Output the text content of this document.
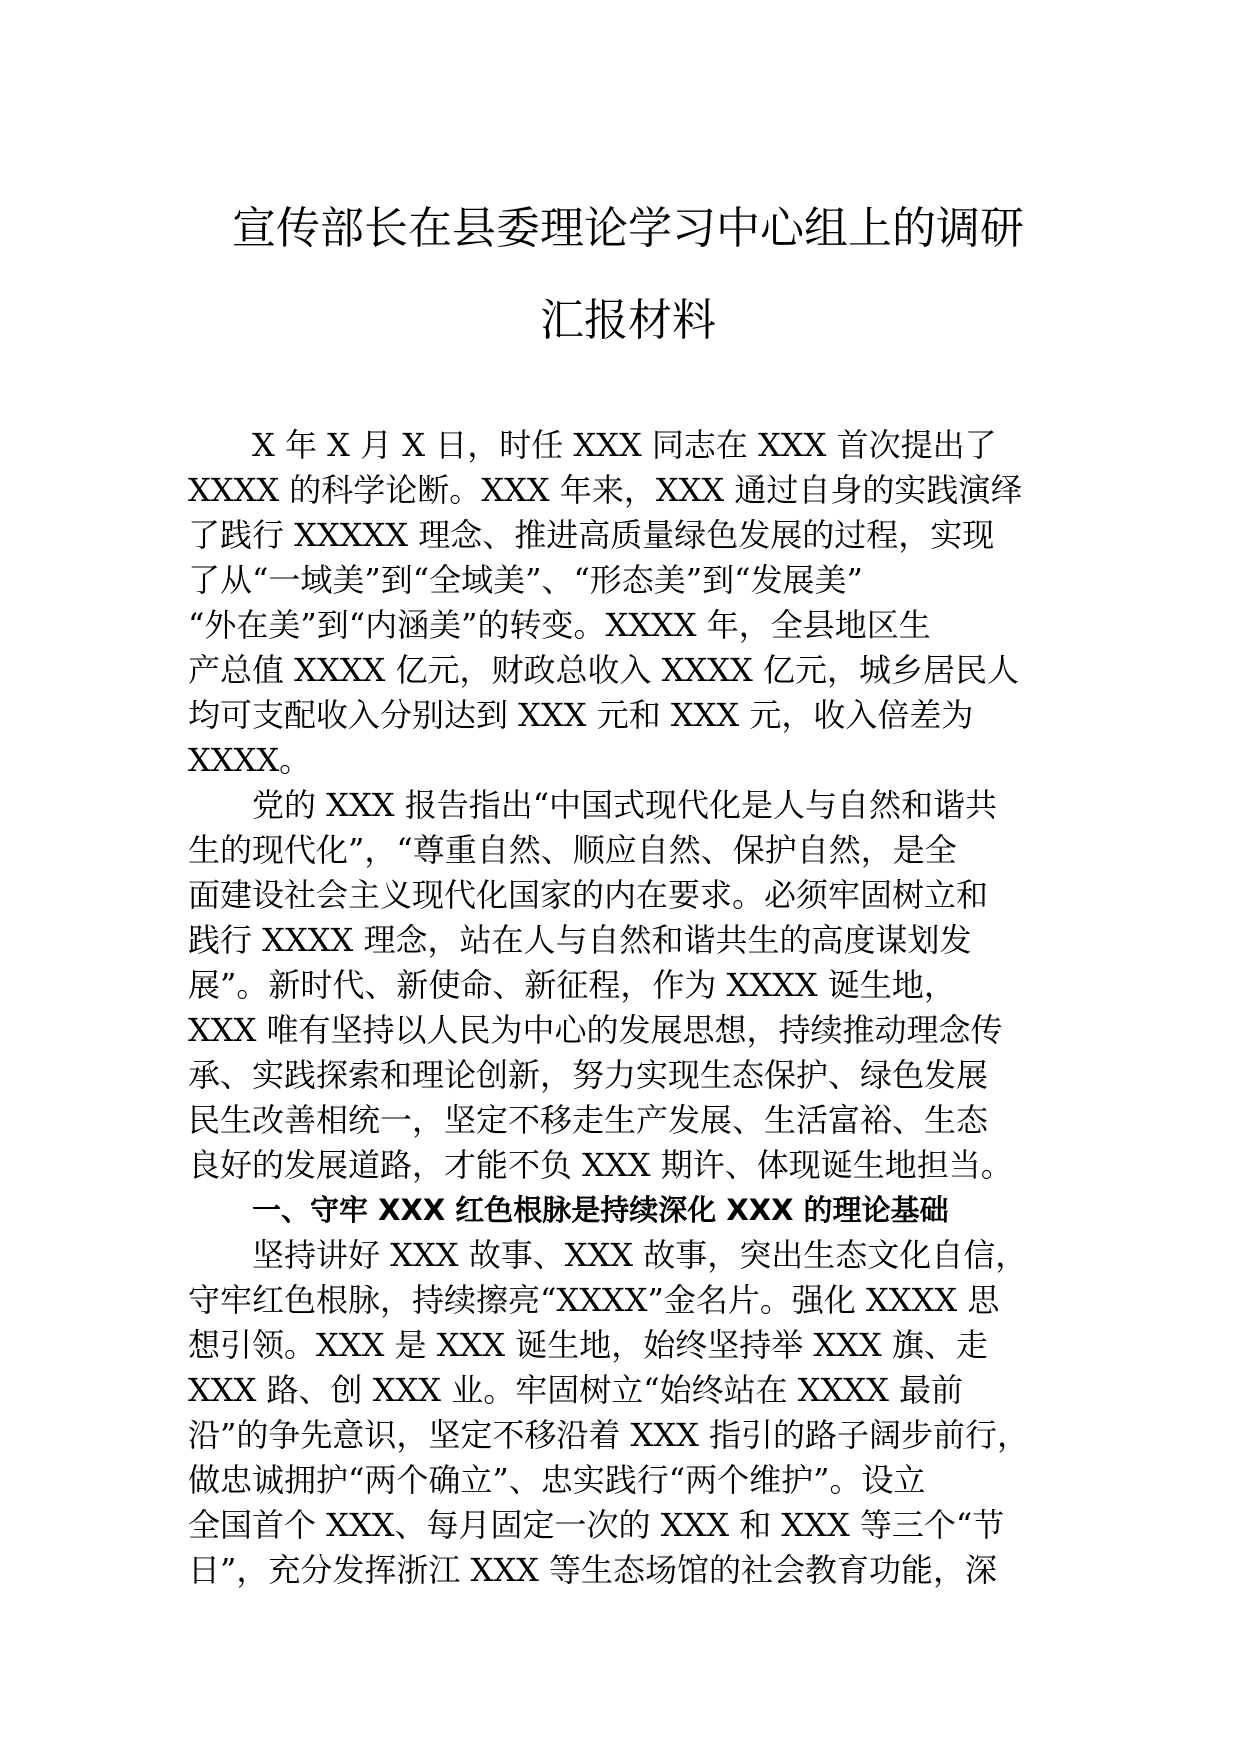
宣传部长在县委理论学习中心组上的调研
汇报材料

X 年 X 月 X 日，时任 XXX 同志在 XXX 首次提出了
XXXX 的科学论断。XXX 年来，XXX 通过自身的实践演绎
了践行 XXXXX 理念、推进高质量绿色发展的过程，实现
了从“一域美”到“全域美”、“形态美”到“发展美”
“外在美”到“内涵美”的转变。XXXX 年，全县地区生
产总值 XXXX 亿元，财政总收入 XXXX 亿元，城乡居民人
均可支配收入分别达到 XXX 元和 XXX 元，收入倍差为
XXXX。

党的 XXX 报告指出“中国式现代化是人与自然和谐共
生的现代化”，“尊重自然、顺应自然、保护自然，是全
面建设社会主义现代化国家的内在要求。必须牢固树立和
践行 XXXX 理念，站在人与自然和谐共生的高度谋划发
展”。新时代、新使命、新征程，作为 XXXX 诞生地，
XXX 唯有坚持以人民为中心的发展思想，持续推动理念传
承、实践探索和理论创新，努力实现生态保护、绿色发展
民生改善相统一，坚定不移走生产发展、生活富裕、生态
良好的发展道路，才能不负 XXX 期许、体现诞生地担当。

一、守牢 XXX 红色根脉是持续深化 XXX 的理论基础

坚持讲好 XXX 故事、XXX 故事，突出生态文化自信，
守牢红色根脉，持续擦亮“XXXX”金名片。强化 XXXX 思
想引领。XXX 是 XXX 诞生地，始终坚持举 XXX 旗、走
XXX 路、创 XXX 业。牢固树立“始终站在 XXXX 最前
沿”的争先意识，坚定不移沿着 XXX 指引的路子阔步前行，
做忠诚拥护“两个确立”、忠实践行“两个维护”。设立
全国首个 XXX、每月固定一次的 XXX 和 XXX 等三个“节
日”，充分发挥浙江 XXX 等生态场馆的社会教育功能，深
